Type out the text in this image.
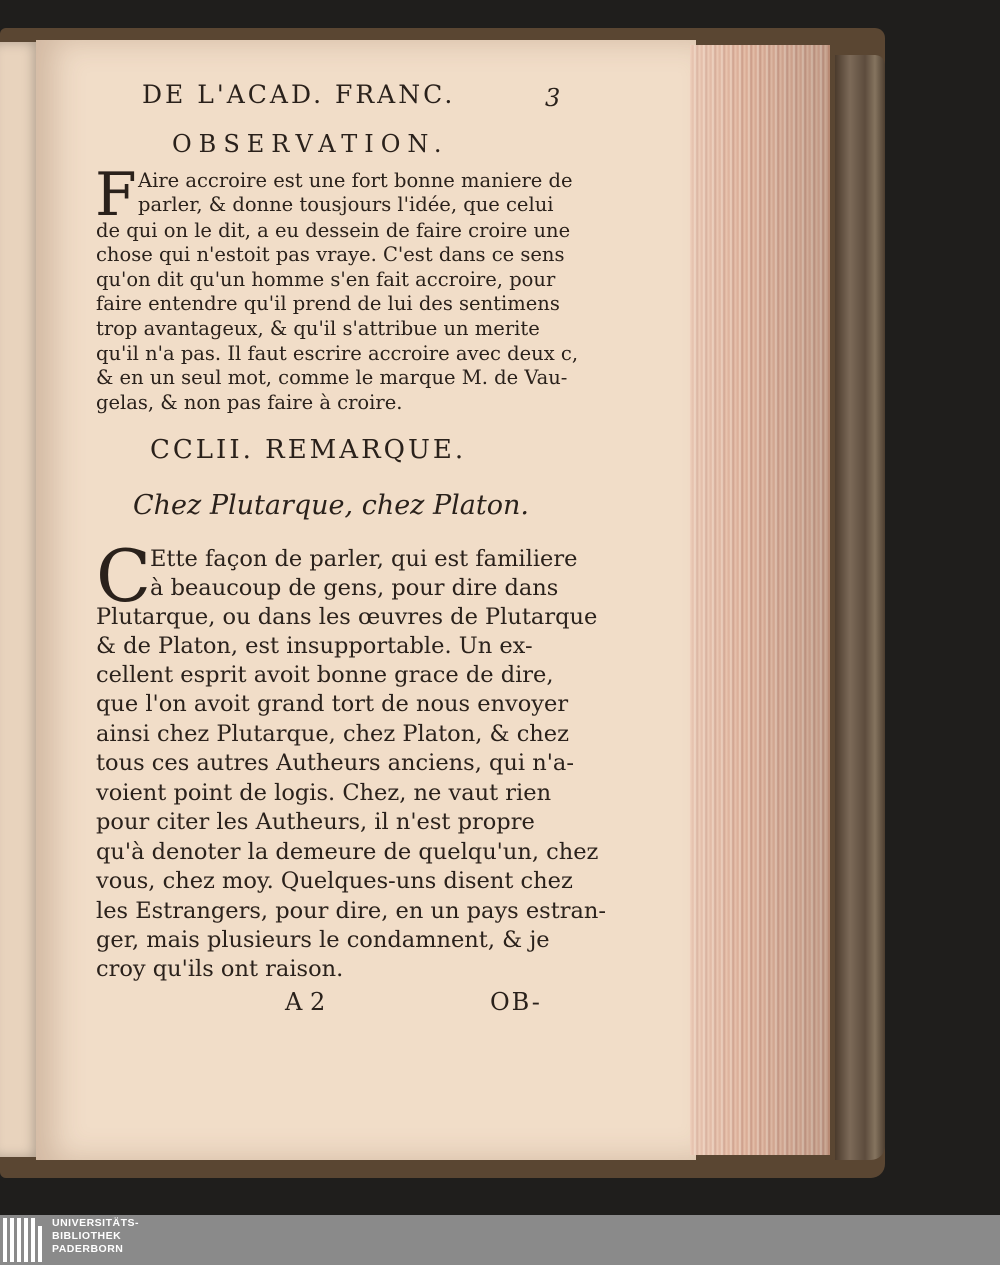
DE L'ACAD. FRANC.	3
OBSERVATION.
F Aire accroire est une fort bonne maniere de
parler, & donne tousjours l'idée, que celui
de qui on le dit, a eu dessein de faire croire une
chose qui n'estoit pas vraye. C'est dans ce sens
qu'on dit qu'un homme s'en fait accroire, pour
faire entendre qu'il prend de lui des sentimens
trop avantageux, & qu'il s'attribue un merite
qu'il n'a pas. Il faut escrire accroire avec deux c,
& en un seul mot, comme le marque M. de Vau-
gelas, & non pas faire à croire.
CCLII. REMARQUE.
Chez Plutarque, chez Platon.
C
Ette façon de parler, qui est familiere
à beaucoup de gens, pour dire dans
Plutarque, ou dans les œuvres de Plutarque
& de Platon, est insupportable. Un ex-
cellent esprit avoit bonne grace de dire,
que l'on avoit grand tort de nous envoyer
ainsi chez Plutarque, chez Platon, & chez
tous ces autres Autheurs anciens, qui n'a-
voient point de logis. Chez, ne vaut rien
pour citer les Autheurs, il n'est propre
qu'à denoter la demeure de quelqu'un, chez
vous, chez moy. Quelques-uns disent chez
les Estrangers, pour dire, en un pays estran-
ger, mais plusieurs le condamnent, & je
croy qu'ils ont raison.
A 2	OB-
UNIVERSITÄTS-
BIBLIOTHEK
PADERBORN
